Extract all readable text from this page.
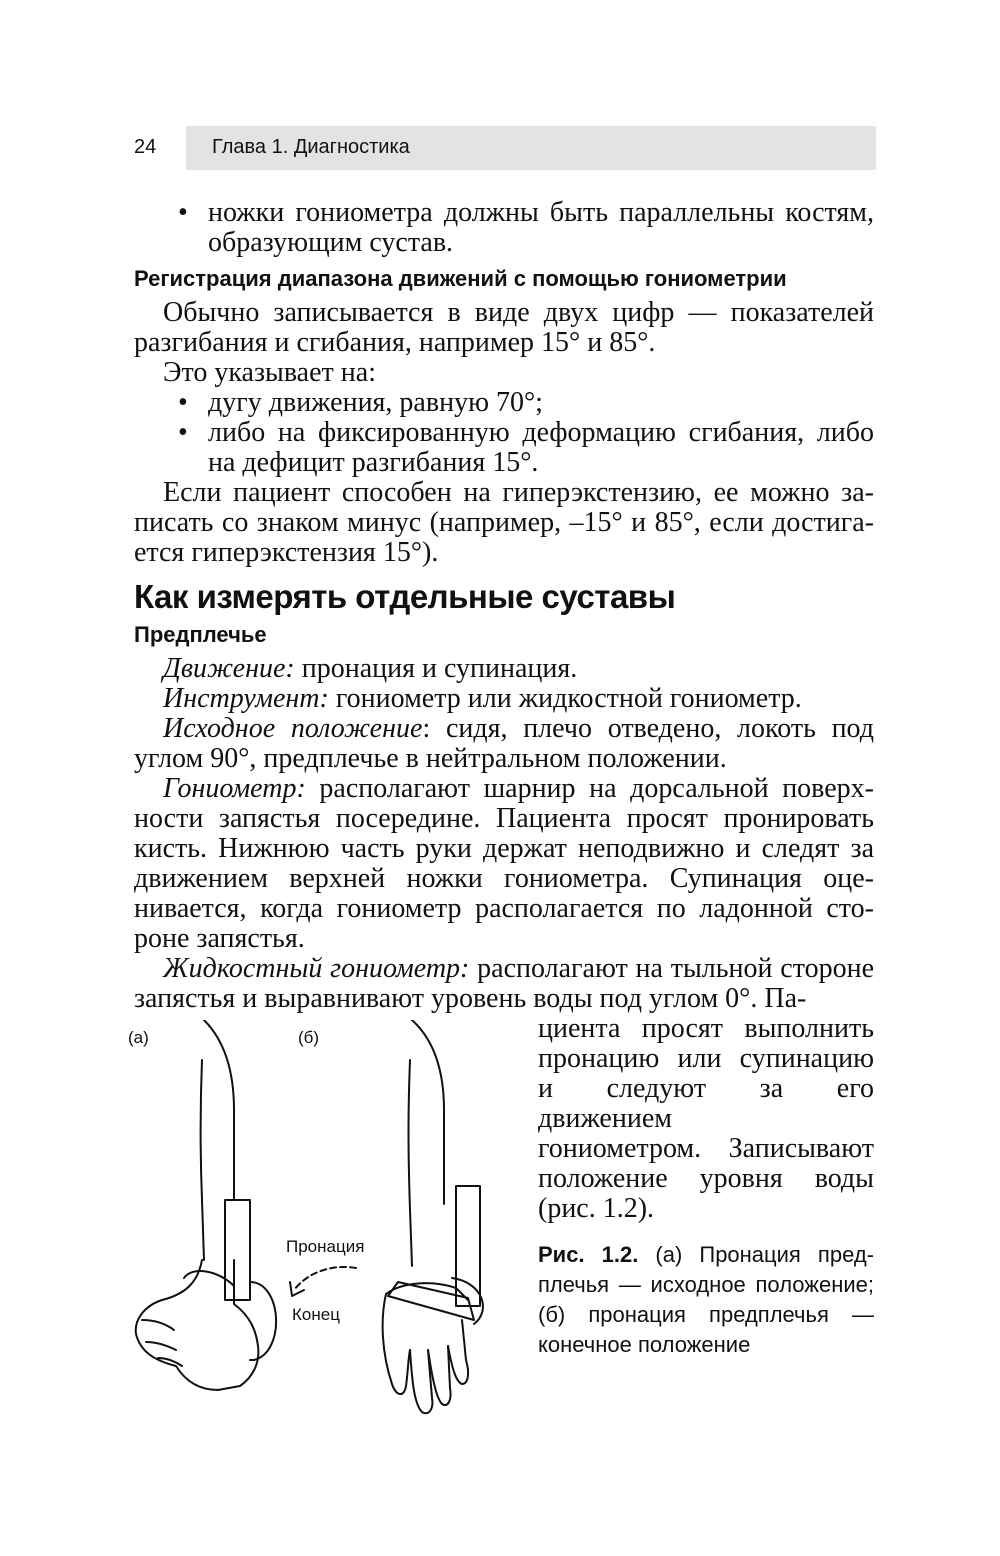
24	Глава 1. Диагностика
• ножки гониометра должны быть параллельны костям,
образующим сустав.
Регистрация диапазона движений с помощью гониометрии
Обычно записывается в виде двух цифр — показателей разгибания и сгибания, например 15° и 85°.
Это указывает на:
• дугу движения, равную 70°;
• либо на фиксированную деформацию сгибания, либо на дефицит разгибания 15°.
Если пациент способен на гиперэкстензию, ее можно записать со знаком минус (например, –15° и 85°, если достигается гиперэкстензия 15°).
Как измерять отдельные суставы
Предплечье
Движение: пронация и супинация.
Инструмент: гониометр или жидкостной гониометр.
Исходное положение: сидя, плечо отведено, локоть под углом 90°, предплечье в нейтральном положении.
Гониометр: располагают шарнир на дорсальной поверхности запястья посередине. Пациента просят пронировать кисть. Нижнюю часть руки держат неподвижно и следят за движением верхней ножки гониометра. Супинация оценивается, когда гониометр располагается по ладонной стороне запястья.
Жидкостный гониометр: располагают на тыльной стороне запястья и выравнивают уровень воды под углом 0°. Па-
циента просят выполнить
пронацию или супинацию
и следуют за его движением
гониометром. Записывают
положение уровня воды
(рис. 1.2).
(а)	(б)
Пронация
Конец
Рис. 1.2. (а) Пронация предплечья — исходное положение; (б) пронация предплечья — конечное положение
